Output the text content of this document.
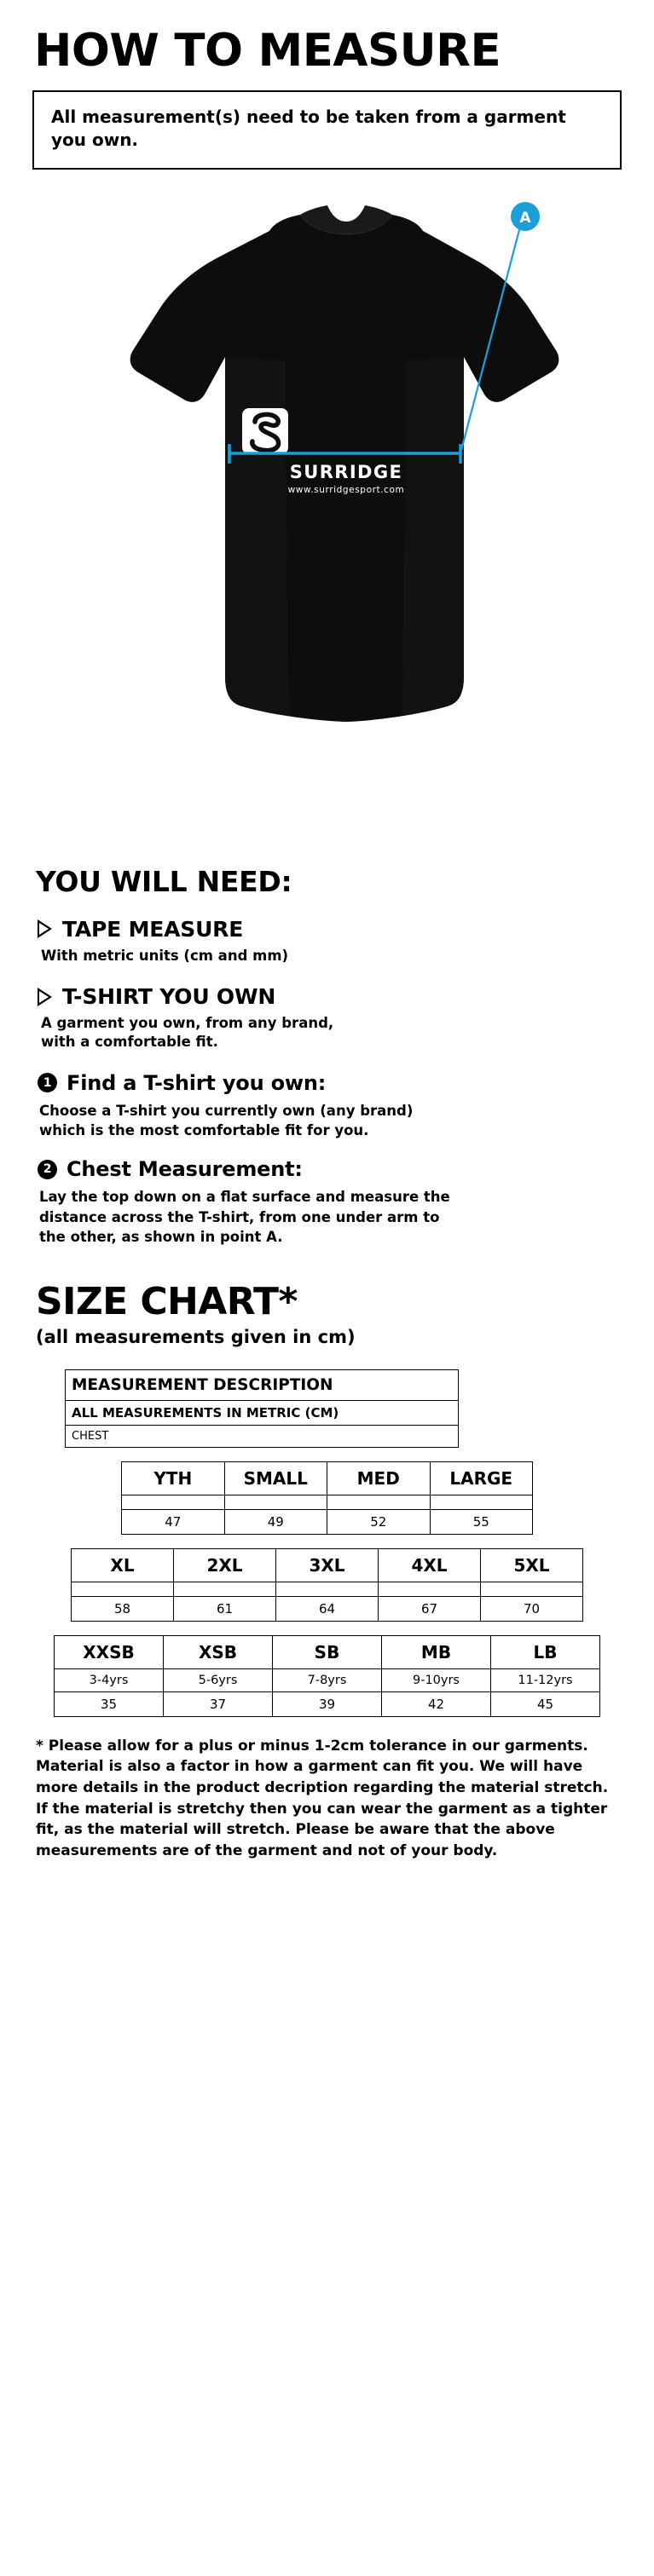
HOW TO MEASURE

All measurement(s) need to be taken from a garment you own.

SURRIDGE
www.surridgesport.com
A
YOU WILL NEED:
TAPE MEASURE
With metric units (cm and mm)
T-SHIRT YOU OWN
A garment you own, from any brand,
with a comfortable fit.
1 Find a T-shirt you own:
Choose a T-shirt you currently own (any brand)
which is the most comfortable fit for you.
2 Chest Measurement:
Lay the top down on a flat surface and measure the
distance across the T-shirt, from one under arm to
the other, as shown in point A.
SIZE CHART*
(all measurements given in cm)
MEASUREMENT DESCRIPTION
ALL MEASUREMENTS IN METRIC (CM)
CHEST
YTH	SMALL	MED	LARGE

47	49	52	55
XL	2XL	3XL	4XL	5XL

58	61	64	67	70
XXSB	XSB	SB	MB	LB
3-4yrs	5-6yrs	7-8yrs	9-10yrs	11-12yrs
35	37	39	42	45
* Please allow for a plus or minus 1-2cm tolerance in our garments. Material is also a factor in how a garment can fit you. We will have more details in the product decription regarding the material stretch. If the material is stretchy then you can wear the garment as a tighter fit, as the material will stretch. Please be aware that the above measurements are of the garment and not of your body.
